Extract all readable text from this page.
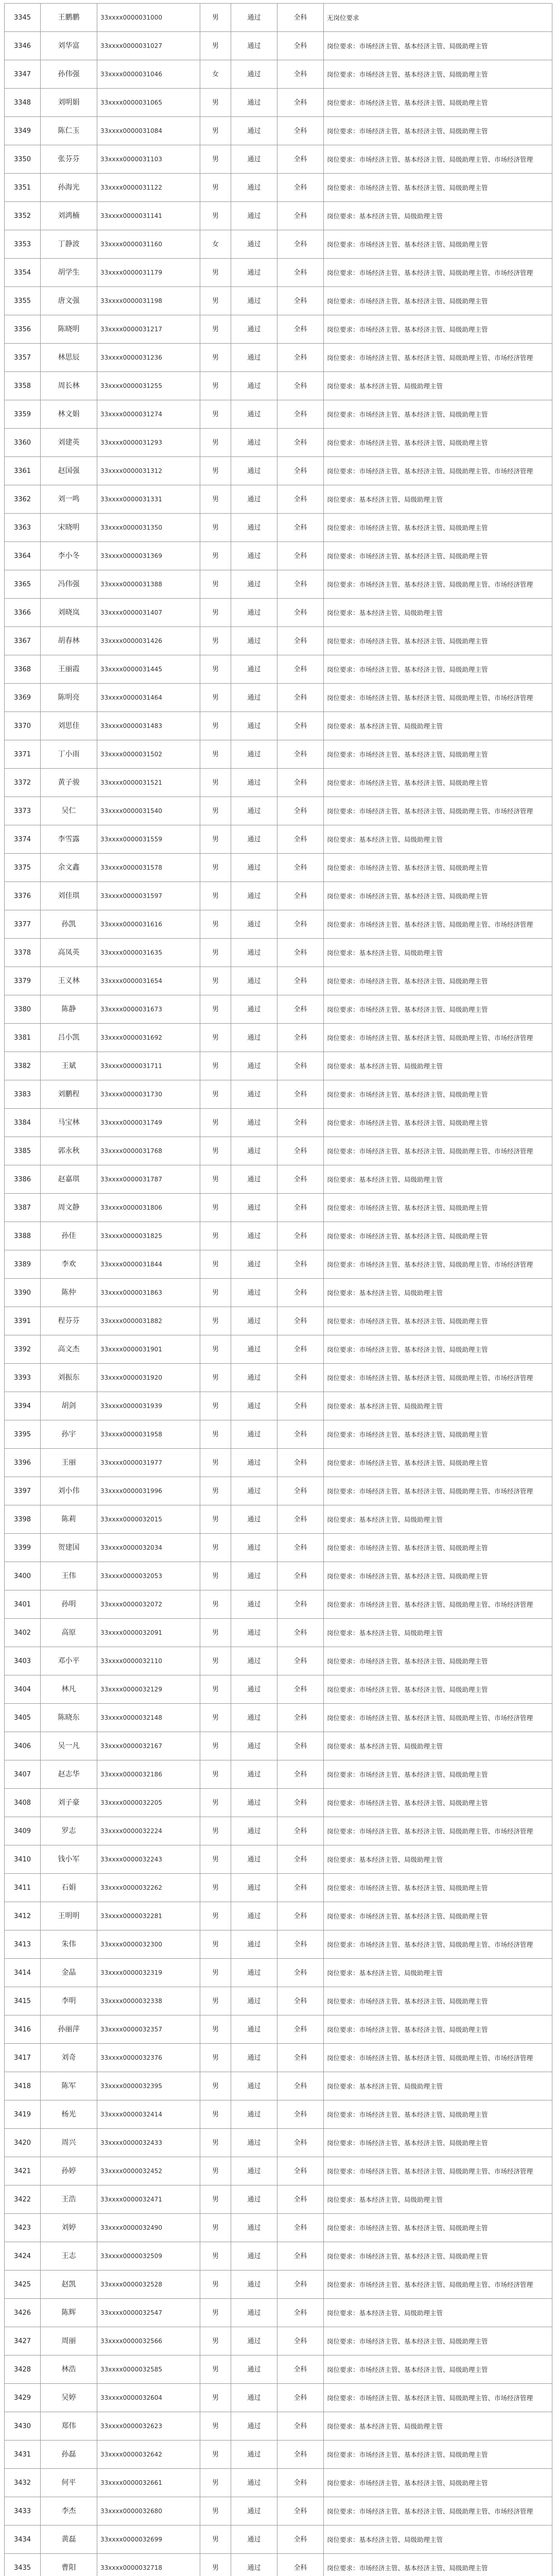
3345	王鹏鹏	33xxxx0000031000	男	通过	全科	无岗位要求
3346	刘华富	33xxxx0000031027	男	通过	全科	岗位要求：市场经济主管、基本经济主管、局级助理主管
3347	孙伟强	33xxxx0000031046	女	通过	全科	岗位要求：市场经济主管、基本经济主管、局级助理主管
3348	刘明娟	33xxxx0000031065	男	通过	全科	岗位要求：市场经济主管、基本经济主管、局级助理主管
3349	陈仁玉	33xxxx0000031084	男	通过	全科	岗位要求：市场经济主管、基本经济主管、局级助理主管
3350	张芬芬	33xxxx0000031103	男	通过	全科	岗位要求：市场经济主管、基本经济主管、局级助理主管、市场经济管理
3351	孙海光	33xxxx0000031122	男	通过	全科	岗位要求：市场经济主管、基本经济主管、局级助理主管
3352	刘鸿楠	33xxxx0000031141	男	通过	全科	岗位要求：基本经济主管、局级助理主管
3353	丁静波	33xxxx0000031160	女	通过	全科	岗位要求：市场经济主管、基本经济主管、局级助理主管
3354	胡学生	33xxxx0000031179	男	通过	全科	岗位要求：市场经济主管、基本经济主管、局级助理主管、市场经济管理
3355	唐文强	33xxxx0000031198	男	通过	全科	岗位要求：市场经济主管、基本经济主管、局级助理主管
3356	陈晓明	33xxxx0000031217	男	通过	全科	岗位要求：市场经济主管、基本经济主管、局级助理主管
3357	林思辰	33xxxx0000031236	男	通过	全科	岗位要求：市场经济主管、基本经济主管、局级助理主管、市场经济管理
3358	周长林	33xxxx0000031255	男	通过	全科	岗位要求：基本经济主管、局级助理主管
3359	林文娟	33xxxx0000031274	男	通过	全科	岗位要求：市场经济主管、基本经济主管、局级助理主管
3360	刘建英	33xxxx0000031293	男	通过	全科	岗位要求：市场经济主管、基本经济主管、局级助理主管
3361	赵国强	33xxxx0000031312	男	通过	全科	岗位要求：市场经济主管、基本经济主管、局级助理主管、市场经济管理
3362	刘一鸣	33xxxx0000031331	男	通过	全科	岗位要求：基本经济主管、局级助理主管
3363	宋晓明	33xxxx0000031350	男	通过	全科	岗位要求：市场经济主管、基本经济主管、局级助理主管
3364	李小冬	33xxxx0000031369	男	通过	全科	岗位要求：市场经济主管、基本经济主管、局级助理主管
3365	冯伟强	33xxxx0000031388	男	通过	全科	岗位要求：市场经济主管、基本经济主管、局级助理主管、市场经济管理
3366	刘晓岚	33xxxx0000031407	男	通过	全科	岗位要求：基本经济主管、局级助理主管
3367	胡春林	33xxxx0000031426	男	通过	全科	岗位要求：市场经济主管、基本经济主管、局级助理主管
3368	王丽霞	33xxxx0000031445	男	通过	全科	岗位要求：市场经济主管、基本经济主管、局级助理主管
3369	陈明亮	33xxxx0000031464	男	通过	全科	岗位要求：市场经济主管、基本经济主管、局级助理主管、市场经济管理
3370	刘思佳	33xxxx0000031483	男	通过	全科	岗位要求：基本经济主管、局级助理主管
3371	丁小雨	33xxxx0000031502	男	通过	全科	岗位要求：市场经济主管、基本经济主管、局级助理主管
3372	黄子骏	33xxxx0000031521	男	通过	全科	岗位要求：市场经济主管、基本经济主管、局级助理主管
3373	吴仁	33xxxx0000031540	男	通过	全科	岗位要求：市场经济主管、基本经济主管、局级助理主管、市场经济管理
3374	李雪露	33xxxx0000031559	男	通过	全科	岗位要求：基本经济主管、局级助理主管
3375	余文鑫	33xxxx0000031578	男	通过	全科	岗位要求：市场经济主管、基本经济主管、局级助理主管
3376	刘佳琪	33xxxx0000031597	男	通过	全科	岗位要求：市场经济主管、基本经济主管、局级助理主管
3377	孙凯	33xxxx0000031616	男	通过	全科	岗位要求：市场经济主管、基本经济主管、局级助理主管、市场经济管理
3378	高凤英	33xxxx0000031635	男	通过	全科	岗位要求：基本经济主管、局级助理主管
3379	王义林	33xxxx0000031654	男	通过	全科	岗位要求：市场经济主管、基本经济主管、局级助理主管
3380	陈静	33xxxx0000031673	男	通过	全科	岗位要求：市场经济主管、基本经济主管、局级助理主管
3381	吕小凯	33xxxx0000031692	男	通过	全科	岗位要求：市场经济主管、基本经济主管、局级助理主管、市场经济管理
3382	王斌	33xxxx0000031711	男	通过	全科	岗位要求：基本经济主管、局级助理主管
3383	刘鹏程	33xxxx0000031730	男	通过	全科	岗位要求：市场经济主管、基本经济主管、局级助理主管
3384	马宝林	33xxxx0000031749	男	通过	全科	岗位要求：市场经济主管、基本经济主管、局级助理主管
3385	郭永秋	33xxxx0000031768	男	通过	全科	岗位要求：市场经济主管、基本经济主管、局级助理主管、市场经济管理
3386	赵嘉琪	33xxxx0000031787	男	通过	全科	岗位要求：基本经济主管、局级助理主管
3387	周文静	33xxxx0000031806	男	通过	全科	岗位要求：市场经济主管、基本经济主管、局级助理主管
3388	孙佳	33xxxx0000031825	男	通过	全科	岗位要求：市场经济主管、基本经济主管、局级助理主管
3389	李欢	33xxxx0000031844	男	通过	全科	岗位要求：市场经济主管、基本经济主管、局级助理主管、市场经济管理
3390	陈仲	33xxxx0000031863	男	通过	全科	岗位要求：基本经济主管、局级助理主管
3391	程芬芬	33xxxx0000031882	男	通过	全科	岗位要求：市场经济主管、基本经济主管、局级助理主管
3392	高文杰	33xxxx0000031901	男	通过	全科	岗位要求：市场经济主管、基本经济主管、局级助理主管
3393	刘振东	33xxxx0000031920	男	通过	全科	岗位要求：市场经济主管、基本经济主管、局级助理主管、市场经济管理
3394	胡剑	33xxxx0000031939	男	通过	全科	岗位要求：基本经济主管、局级助理主管
3395	孙宇	33xxxx0000031958	男	通过	全科	岗位要求：市场经济主管、基本经济主管、局级助理主管
3396	王丽	33xxxx0000031977	男	通过	全科	岗位要求：市场经济主管、基本经济主管、局级助理主管
3397	刘小伟	33xxxx0000031996	男	通过	全科	岗位要求：市场经济主管、基本经济主管、局级助理主管、市场经济管理
3398	陈莉	33xxxx0000032015	男	通过	全科	岗位要求：基本经济主管、局级助理主管
3399	贺建国	33xxxx0000032034	男	通过	全科	岗位要求：市场经济主管、基本经济主管、局级助理主管
3400	王伟	33xxxx0000032053	男	通过	全科	岗位要求：市场经济主管、基本经济主管、局级助理主管
3401	孙明	33xxxx0000032072	男	通过	全科	岗位要求：市场经济主管、基本经济主管、局级助理主管、市场经济管理
3402	高原	33xxxx0000032091	男	通过	全科	岗位要求：基本经济主管、局级助理主管
3403	邓小平	33xxxx0000032110	男	通过	全科	岗位要求：市场经济主管、基本经济主管、局级助理主管
3404	林凡	33xxxx0000032129	男	通过	全科	岗位要求：市场经济主管、基本经济主管、局级助理主管
3405	陈晓东	33xxxx0000032148	男	通过	全科	岗位要求：市场经济主管、基本经济主管、局级助理主管、市场经济管理
3406	吴一凡	33xxxx0000032167	男	通过	全科	岗位要求：基本经济主管、局级助理主管
3407	赵志华	33xxxx0000032186	男	通过	全科	岗位要求：市场经济主管、基本经济主管、局级助理主管
3408	刘子豪	33xxxx0000032205	男	通过	全科	岗位要求：市场经济主管、基本经济主管、局级助理主管
3409	罗志	33xxxx0000032224	男	通过	全科	岗位要求：市场经济主管、基本经济主管、局级助理主管、市场经济管理
3410	钱小军	33xxxx0000032243	男	通过	全科	岗位要求：基本经济主管、局级助理主管
3411	石娟	33xxxx0000032262	男	通过	全科	岗位要求：市场经济主管、基本经济主管、局级助理主管
3412	王明明	33xxxx0000032281	男	通过	全科	岗位要求：市场经济主管、基本经济主管、局级助理主管
3413	朱伟	33xxxx0000032300	男	通过	全科	岗位要求：市场经济主管、基本经济主管、局级助理主管、市场经济管理
3414	金晶	33xxxx0000032319	男	通过	全科	岗位要求：基本经济主管、局级助理主管
3415	李明	33xxxx0000032338	男	通过	全科	岗位要求：市场经济主管、基本经济主管、局级助理主管
3416	孙丽萍	33xxxx0000032357	男	通过	全科	岗位要求：市场经济主管、基本经济主管、局级助理主管
3417	刘奇	33xxxx0000032376	男	通过	全科	岗位要求：市场经济主管、基本经济主管、局级助理主管、市场经济管理
3418	陈军	33xxxx0000032395	男	通过	全科	岗位要求：基本经济主管、局级助理主管
3419	杨光	33xxxx0000032414	男	通过	全科	岗位要求：市场经济主管、基本经济主管、局级助理主管
3420	周兴	33xxxx0000032433	男	通过	全科	岗位要求：市场经济主管、基本经济主管、局级助理主管
3421	孙婷	33xxxx0000032452	男	通过	全科	岗位要求：市场经济主管、基本经济主管、局级助理主管、市场经济管理
3422	王浩	33xxxx0000032471	男	通过	全科	岗位要求：基本经济主管、局级助理主管
3423	刘婷	33xxxx0000032490	男	通过	全科	岗位要求：市场经济主管、基本经济主管、局级助理主管
3424	王志	33xxxx0000032509	男	通过	全科	岗位要求：市场经济主管、基本经济主管、局级助理主管
3425	赵凯	33xxxx0000032528	男	通过	全科	岗位要求：市场经济主管、基本经济主管、局级助理主管、市场经济管理
3426	陈辉	33xxxx0000032547	男	通过	全科	岗位要求：基本经济主管、局级助理主管
3427	周丽	33xxxx0000032566	男	通过	全科	岗位要求：市场经济主管、基本经济主管、局级助理主管
3428	林浩	33xxxx0000032585	男	通过	全科	岗位要求：市场经济主管、基本经济主管、局级助理主管
3429	吴婷	33xxxx0000032604	男	通过	全科	岗位要求：市场经济主管、基本经济主管、局级助理主管、市场经济管理
3430	郑伟	33xxxx0000032623	男	通过	全科	岗位要求：基本经济主管、局级助理主管
3431	孙磊	33xxxx0000032642	男	通过	全科	岗位要求：市场经济主管、基本经济主管、局级助理主管
3432	何平	33xxxx0000032661	男	通过	全科	岗位要求：市场经济主管、基本经济主管、局级助理主管
3433	李杰	33xxxx0000032680	男	通过	全科	岗位要求：市场经济主管、基本经济主管、局级助理主管、市场经济管理
3434	黄磊	33xxxx0000032699	男	通过	全科	岗位要求：基本经济主管、局级助理主管
3435	曹阳	33xxxx0000032718	男	通过	全科	岗位要求：市场经济主管、基本经济主管、局级助理主管
